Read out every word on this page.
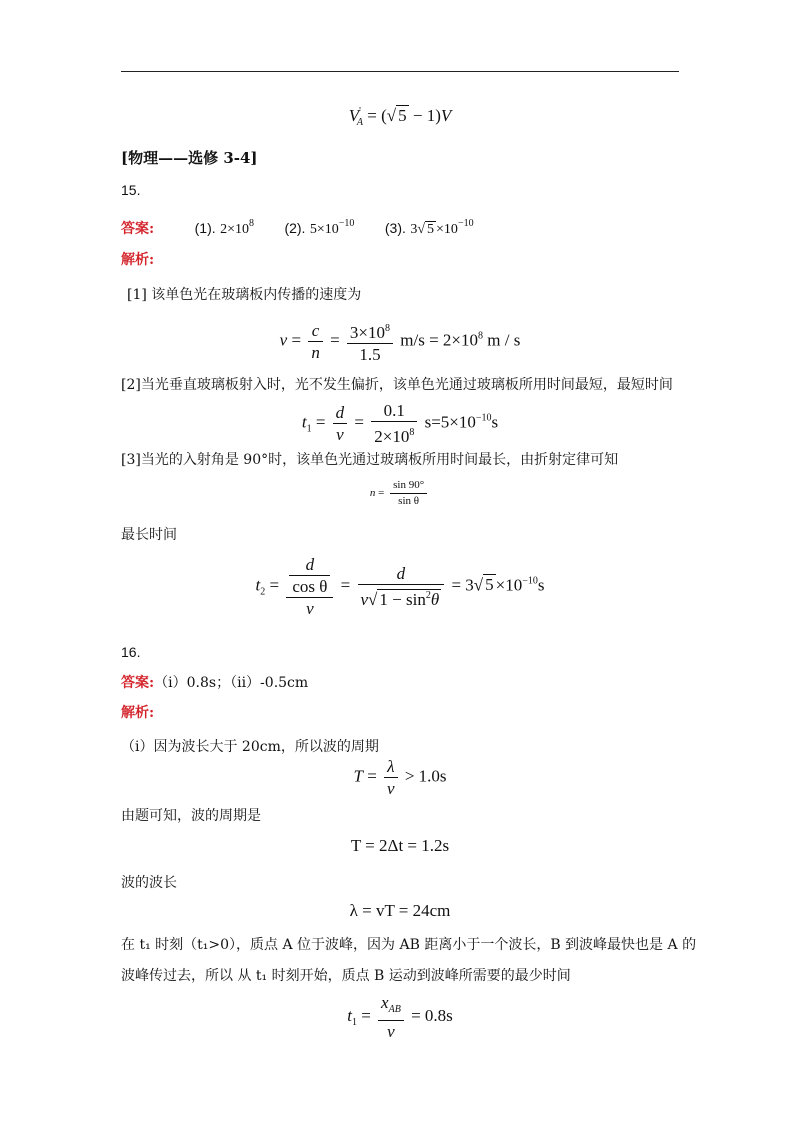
$V'_A$ = (√ 5 − 1)V
[物理——选修 3-4]
15.
答案:	(1). $2\times 10^8$ (2). $5\times 10^{-10}$ (3). 3√ $5 \times 10^{-10}$
解析:
[1] 该单色光在玻璃板内传播的速度为
$v = \frac{c}{n} = \frac{3\times 10^8}{1.5} m/s = 2\times 10^8$ m / s
[2]当光垂直玻璃板射入时，光不发生偏折，该单色光通过玻璃板所用时间最短，最短时间
$t_1 = \frac{d}{v} = \frac{0.1}{2\times 10^8} s=5\times 10^{-10}s$
[3]当光的入射角是 90°时，该单色光通过玻璃板所用时间最长，由折射定律可知
$n = \frac{\sin 90^\circ}{\text{sin θ}}$
最长时间
$t_2 = \frac{\frac{d}{\text{cos θ}}}{v} = \frac{d}{v√ 1 - \sin^2\theta} = 3√$ $5 \times 10^{-10}s$
16.
答案:（i）0.8s；（ii）-0.5cm
解析:
（i）因为波长大于 20cm，所以波的周期
$T = \frac{\lambda}{v} > 1.0s$
由题可知，波的周期是
T = 2Δt = 1.2s
波的波长
λ = vT = 24cm
在 t₁ 时刻（t₁>0），质点 A 位于波峰，因为 AB 距离小于一个波长，B 到波峰最快也是 A 的
波峰传过去，所以 从 t₁ 时刻开始，质点 B 运动到波峰所需要的最少时间
$t_1 = \frac{x_{AB}}{v} = 0.8s$
